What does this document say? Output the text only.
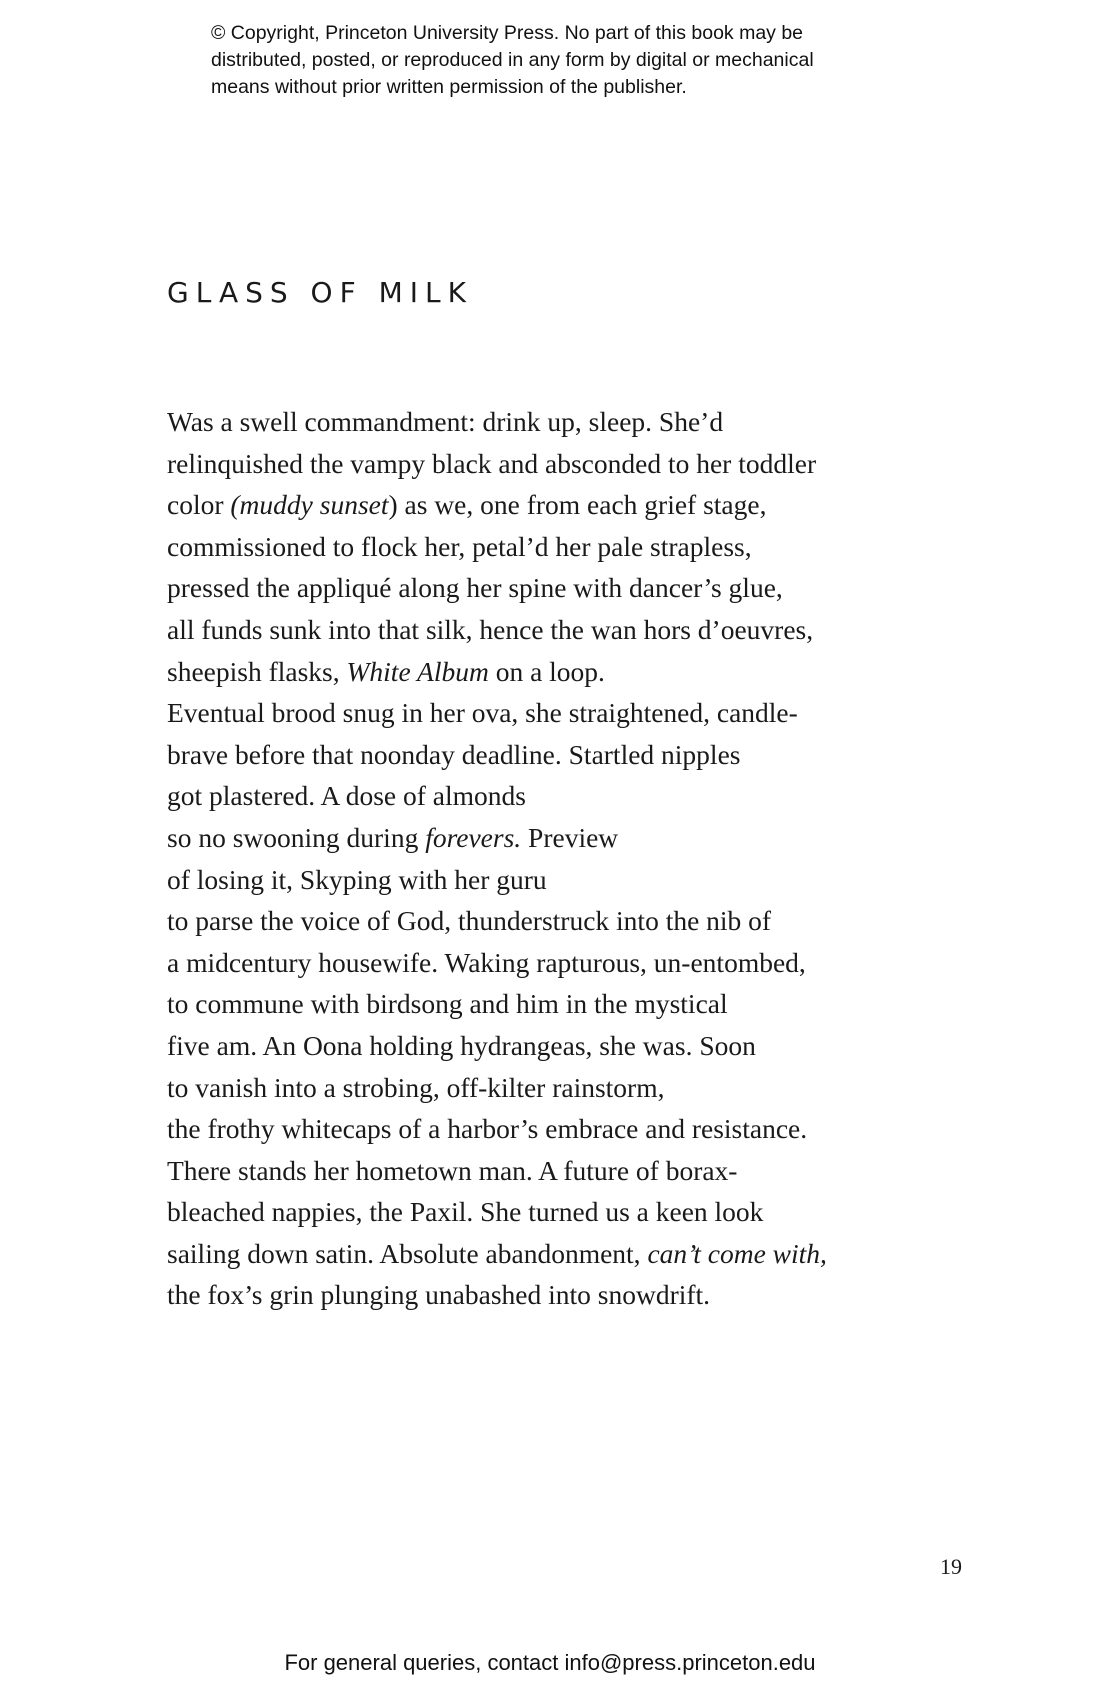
© Copyright, Princeton University Press. No part of this book may be
distributed, posted, or reproduced in any form by digital or mechanical
means without prior written permission of the publisher.
GLASS OF MILK
Was a swell commandment: drink up, sleep. She’d
relinquished the vampy black and absconded to her toddler
color (muddy sunset) as we, one from each grief stage,
commissioned to flock her, petal’d her pale strapless,
pressed the appliqué along her spine with dancer’s glue,
all funds sunk into that silk, hence the wan hors d’oeuvres,
sheepish flasks, White Album on a loop.
Eventual brood snug in her ova, she straightened, candle-
brave before that noonday deadline. Startled nipples
got plastered. A dose of almonds
so no swooning during forevers. Preview
of losing it, Skyping with her guru
to parse the voice of God, thunderstruck into the nib of
a midcentury housewife. Waking rapturous, un-entombed,
to commune with birdsong and him in the mystical
five am. An Oona holding hydrangeas, she was. Soon
to vanish into a strobing, off-kilter rainstorm,
the frothy whitecaps of a harbor’s embrace and resistance.
There stands her hometown man. A future of borax-
bleached nappies, the Paxil. She turned us a keen look
sailing down satin. Absolute abandonment, can’t come with,
the fox’s grin plunging unabashed into snowdrift.
19
For general queries, contact info@press.princeton.edu
